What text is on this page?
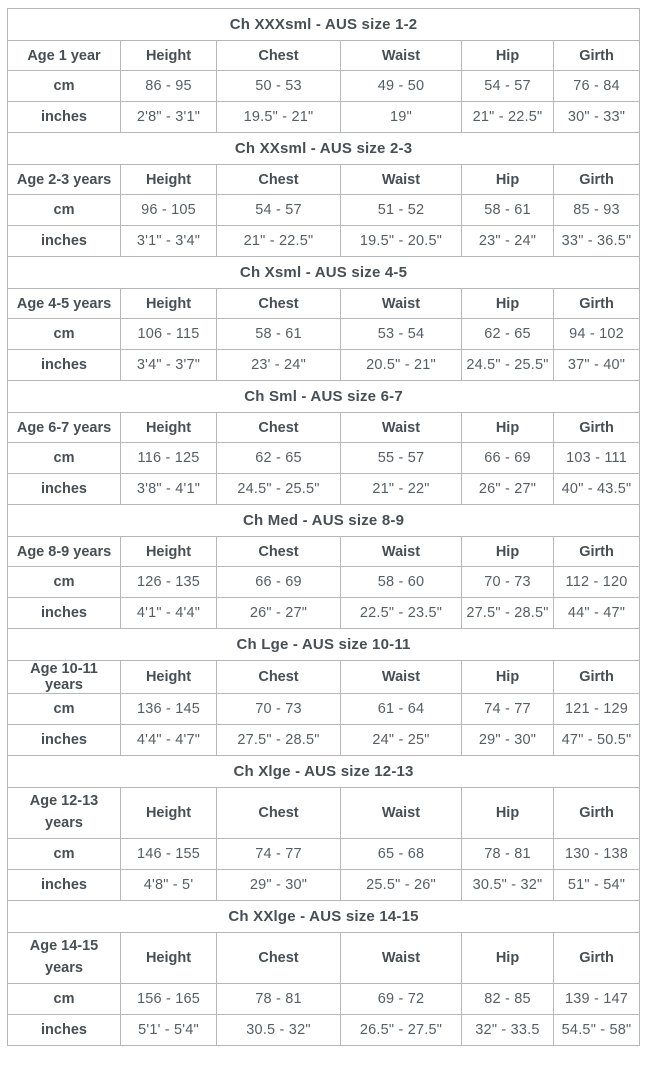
Ch XXXsml - AUS size 1-2					
Age 1 year	Height	Chest	Waist	Hip	Girth
cm	86 - 95	50 - 53	49 - 50	54 - 57	76 - 84
inches	2'8" - 3'1"	19.5" - 21"	19"	21" - 22.5"	30" - 33"
Ch XXsml - AUS size 2-3					
Age 2-3 years	Height	Chest	Waist	Hip	Girth
cm	96 - 105	54 - 57	51 - 52	58 - 61	85 - 93
inches	3'1" - 3'4"	21" - 22.5"	19.5" - 20.5"	23" - 24"	33" - 36.5"
Ch Xsml - AUS size 4-5					
Age 4-5 years	Height	Chest	Waist	Hip	Girth
cm	106 - 115	58 - 61	53 - 54	62 - 65	94 - 102
inches	3'4" - 3'7"	23' - 24"	20.5" - 21"	24.5" - 25.5"	37" - 40"
Ch Sml - AUS size 6-7					
Age 6-7 years	Height	Chest	Waist	Hip	Girth
cm	116 - 125	62 - 65	55 - 57	66 - 69	103 - 111
inches	3'8" - 4'1"	24.5" - 25.5"	21" - 22"	26" - 27"	40" - 43.5"
Ch Med - AUS size 8-9					
Age 8-9 years	Height	Chest	Waist	Hip	Girth
cm	126 - 135	66 - 69	58 - 60	70 - 73	112 - 120
inches	4'1" - 4'4"	26" - 27"	22.5" - 23.5"	27.5" - 28.5"	44" - 47"
Ch Lge - AUS size 10-11					
Age 10-11 years	Height	Chest	Waist	Hip	Girth
cm	136 - 145	70 - 73	61 - 64	74 - 77	121 - 129
inches	4'4" - 4'7"	27.5" - 28.5"	24" - 25"	29" - 30"	47" - 50.5"
Ch Xlge - AUS size 12-13					
Age 12-13 years	Height	Chest	Waist	Hip	Girth
cm	146 - 155	74 - 77	65 - 68	78 - 81	130 - 138
inches	4'8" - 5'	29" - 30"	25.5" - 26"	30.5" - 32"	51" - 54"
Ch XXlge - AUS size 14-15					
Age 14-15 years	Height	Chest	Waist	Hip	Girth
cm	156 - 165	78 - 81	69 - 72	82 - 85	139 - 147
inches	5'1' - 5'4"	30.5 - 32"	26.5" - 27.5"	32" - 33.5	54.5" - 58"
